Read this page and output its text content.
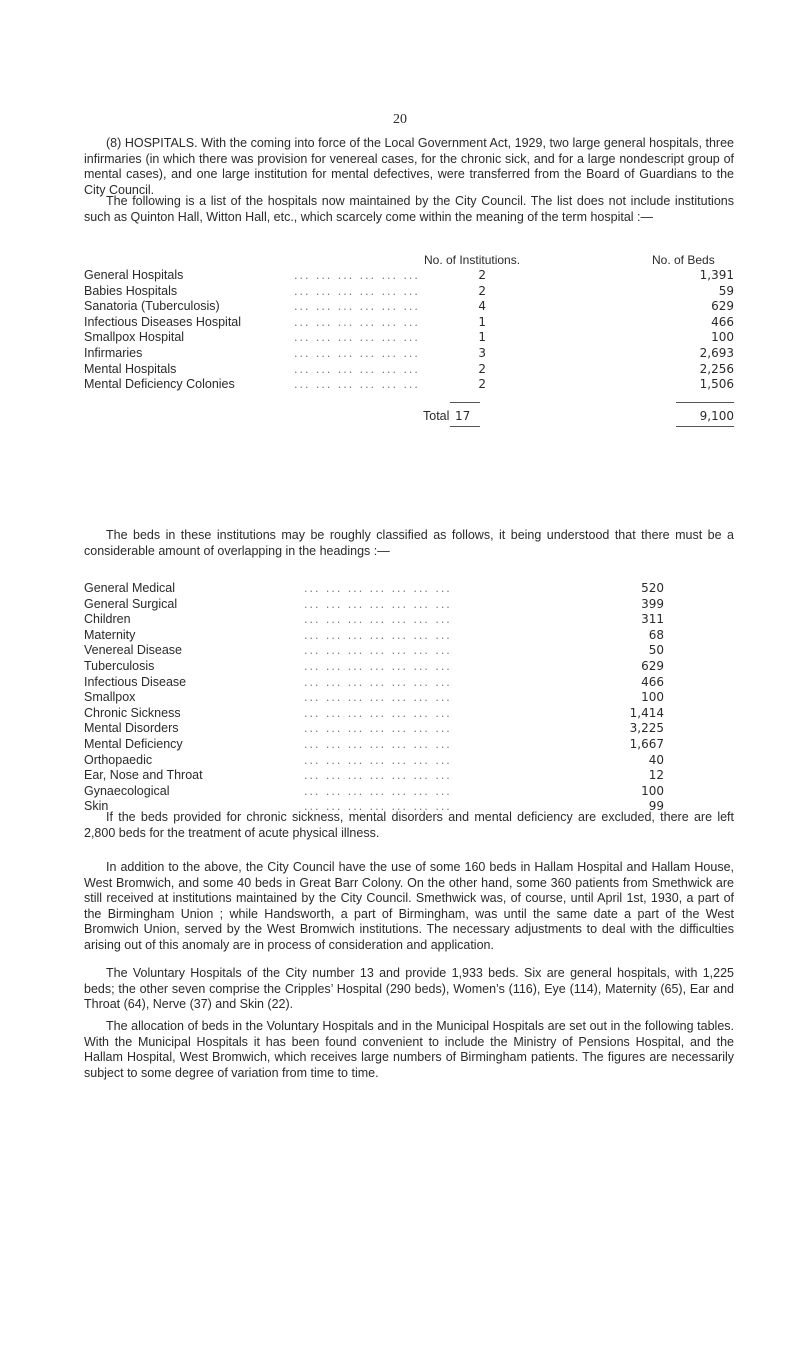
20

(8) HOSPITALS. With the coming into force of the Local Government Act, 1929, two large general hospitals, three infirmaries (in which there was provision for venereal cases, for the chronic sick, and for a large nondescript group of mental cases), and one large institution for mental defectives, were transferred from the Board of Guardians to the City Council.

The following is a list of the hospitals now maintained by the City Council. The list does not include institutions such as Quinton Hall, Witton Hall, etc., which scarcely come within the meaning of the term hospital :—

No. of Institutions.	No. of Beds
General Hospitals	... ... ... ... ... ...	2	1,391
Babies Hospitals	... ... ... ... ... ...	2	59
Sanatoria (Tuberculosis)	... ... ... ... ... ...	4	629
Infectious Diseases Hospital	... ... ... ... ... ...	1	466
Smallpox Hospital	... ... ... ... ... ...	1	100
Infirmaries	... ... ... ... ... ...	3	2,693
Mental Hospitals	... ... ... ... ... ...	2	2,256
Mental Deficiency Colonies	... ... ... ... ... ...	2	1,506
Total 17	9,100

The beds in these institutions may be roughly classified as follows, it being understood that there must be a considerable amount of overlapping in the headings :—

General Medical	... ... ... ... ... ... ...	520
General Surgical	... ... ... ... ... ... ...	399
Children	... ... ... ... ... ... ...	311
Maternity	... ... ... ... ... ... ...	68
Venereal Disease	... ... ... ... ... ... ...	50
Tuberculosis	... ... ... ... ... ... ...	629
Infectious Disease	... ... ... ... ... ... ...	466
Smallpox	... ... ... ... ... ... ...	100
Chronic Sickness	... ... ... ... ... ... ...	1,414
Mental Disorders	... ... ... ... ... ... ...	3,225
Mental Deficiency	... ... ... ... ... ... ...	1,667
Orthopaedic	... ... ... ... ... ... ...	40
Ear, Nose and Throat	... ... ... ... ... ... ...	12
Gynaecological	... ... ... ... ... ... ...	100
Skin	... ... ... ... ... ... ...	99

If the beds provided for chronic sickness, mental disorders and mental deficiency are excluded, there are left 2,800 beds for the treatment of acute physical illness.

In addition to the above, the City Council have the use of some 160 beds in Hallam Hospital and Hallam House, West Bromwich, and some 40 beds in Great Barr Colony. On the other hand, some 360 patients from Smethwick are still received at institutions maintained by the City Council. Smethwick was, of course, until April 1st, 1930, a part of the Birmingham Union ; while Handsworth, a part of Birmingham, was until the same date a part of the West Bromwich Union, served by the West Bromwich institutions. The necessary adjustments to deal with the difficulties arising out of this anomaly are in process of consideration and application.

The Voluntary Hospitals of the City number 13 and provide 1,933 beds. Six are general hospitals, with 1,225 beds; the other seven comprise the Cripples’ Hospital (290 beds), Women’s (116), Eye (114), Maternity (65), Ear and Throat (64), Nerve (37) and Skin (22).

The allocation of beds in the Voluntary Hospitals and in the Municipal Hospitals are set out in the following tables. With the Municipal Hospitals it has been found convenient to include the Ministry of Pensions Hospital, and the Hallam Hospital, West Bromwich, which receives large numbers of Birmingham patients. The figures are necessarily subject to some degree of variation from time to time.
